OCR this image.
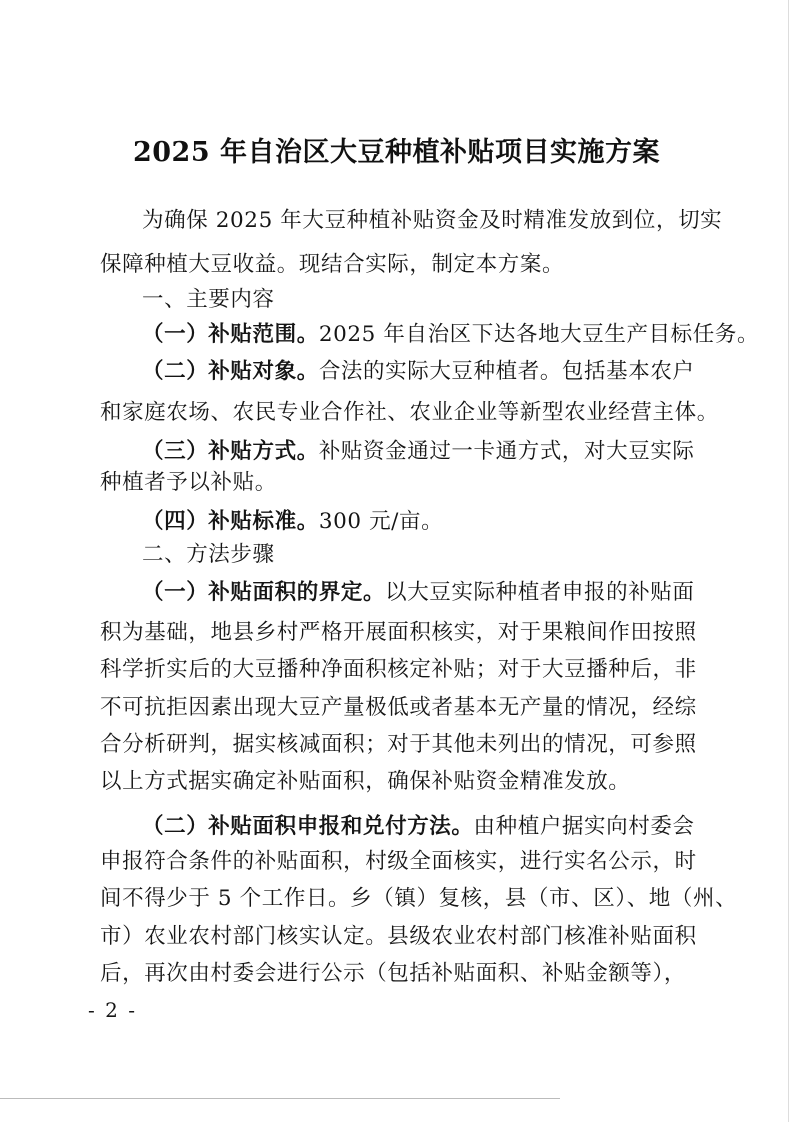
2025 年自治区大豆种植补贴项目实施方案
为确保 2025 年大豆种植补贴资金及时精准发放到位，切实
保障种植大豆收益。现结合实际，制定本方案。
一、主要内容
（一）补贴范围。2025 年自治区下达各地大豆生产目标任务。
（二）补贴对象。合法的实际大豆种植者。包括基本农户
和家庭农场、农民专业合作社、农业企业等新型农业经营主体。
（三）补贴方式。补贴资金通过一卡通方式，对大豆实际
种植者予以补贴。
（四）补贴标准。300 元/亩。
二、方法步骤
（一）补贴面积的界定。以大豆实际种植者申报的补贴面
积为基础，地县乡村严格开展面积核实，对于果粮间作田按照
科学折实后的大豆播种净面积核定补贴；对于大豆播种后，非
不可抗拒因素出现大豆产量极低或者基本无产量的情况，经综
合分析研判，据实核减面积；对于其他未列出的情况，可参照
以上方式据实确定补贴面积，确保补贴资金精准发放。
（二）补贴面积申报和兑付方法。由种植户据实向村委会
申报符合条件的补贴面积，村级全面核实，进行实名公示，时
间不得少于 5 个工作日。乡（镇）复核，县（市、区）、地（州、
市）农业农村部门核实认定。县级农业农村部门核准补贴面积
后，再次由村委会进行公示（包括补贴面积、补贴金额等），
- 2 -
